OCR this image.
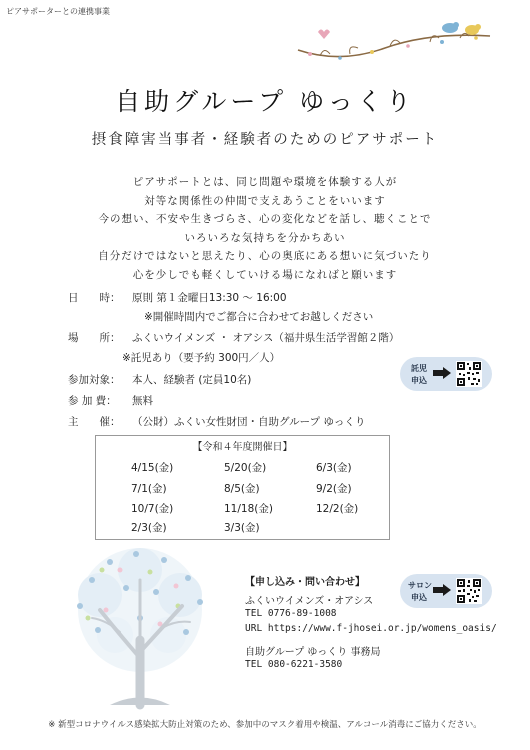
ピアサポーターとの連携事業
自助グループ ゆっくり
摂食障害当事者・経験者のためのピアサポート
ピアサポートとは、同じ問題や環境を体験する人が
対等な関係性の仲間で支えあうことをいいます
今の想い、不安や生きづらさ、心の変化などを話し、聴くことで
いろいろな気持ちを分かちあい
自分だけではないと思えたり、心の奥底にある想いに気づいたり
心を少しでも軽くしていける場になればと願います
日　　時： 原則 第１金曜日13:30 ～ 16:00
※開催時間内でご都合に合わせてお越しください
場　　所： ふくいウイメンズ ・ オアシス（福井県生活学習館２階）
※託児あり（要予約 300円／人）
参加対象： 本人、経験者 (定員10名)
参 加 費： 無料
主　　催： （公財）ふくい女性財団・自助グループ ゆっくり
託児
申込
【令和４年度開催日】
4/15(金)	5/20(金)	6/3(金)
7/1(金)	8/5(金)	9/2(金)
10/7(金)	11/18(金)	12/2(金)
2/3(金)	3/3(金)
【申し込み・問い合わせ】
ふくいウイメンズ・オアシス
TEL 0776-89-1008
URL https://www.f-jhosei.or.jp/womens_oasis/
自助グループ ゆっくり 事務局
TEL 080-6221-3580
サロン
申込
※ 新型コロナウイルス感染拡大防止対策のため、参加中のマスク着用や検温、アルコール消毒にご協力ください。
